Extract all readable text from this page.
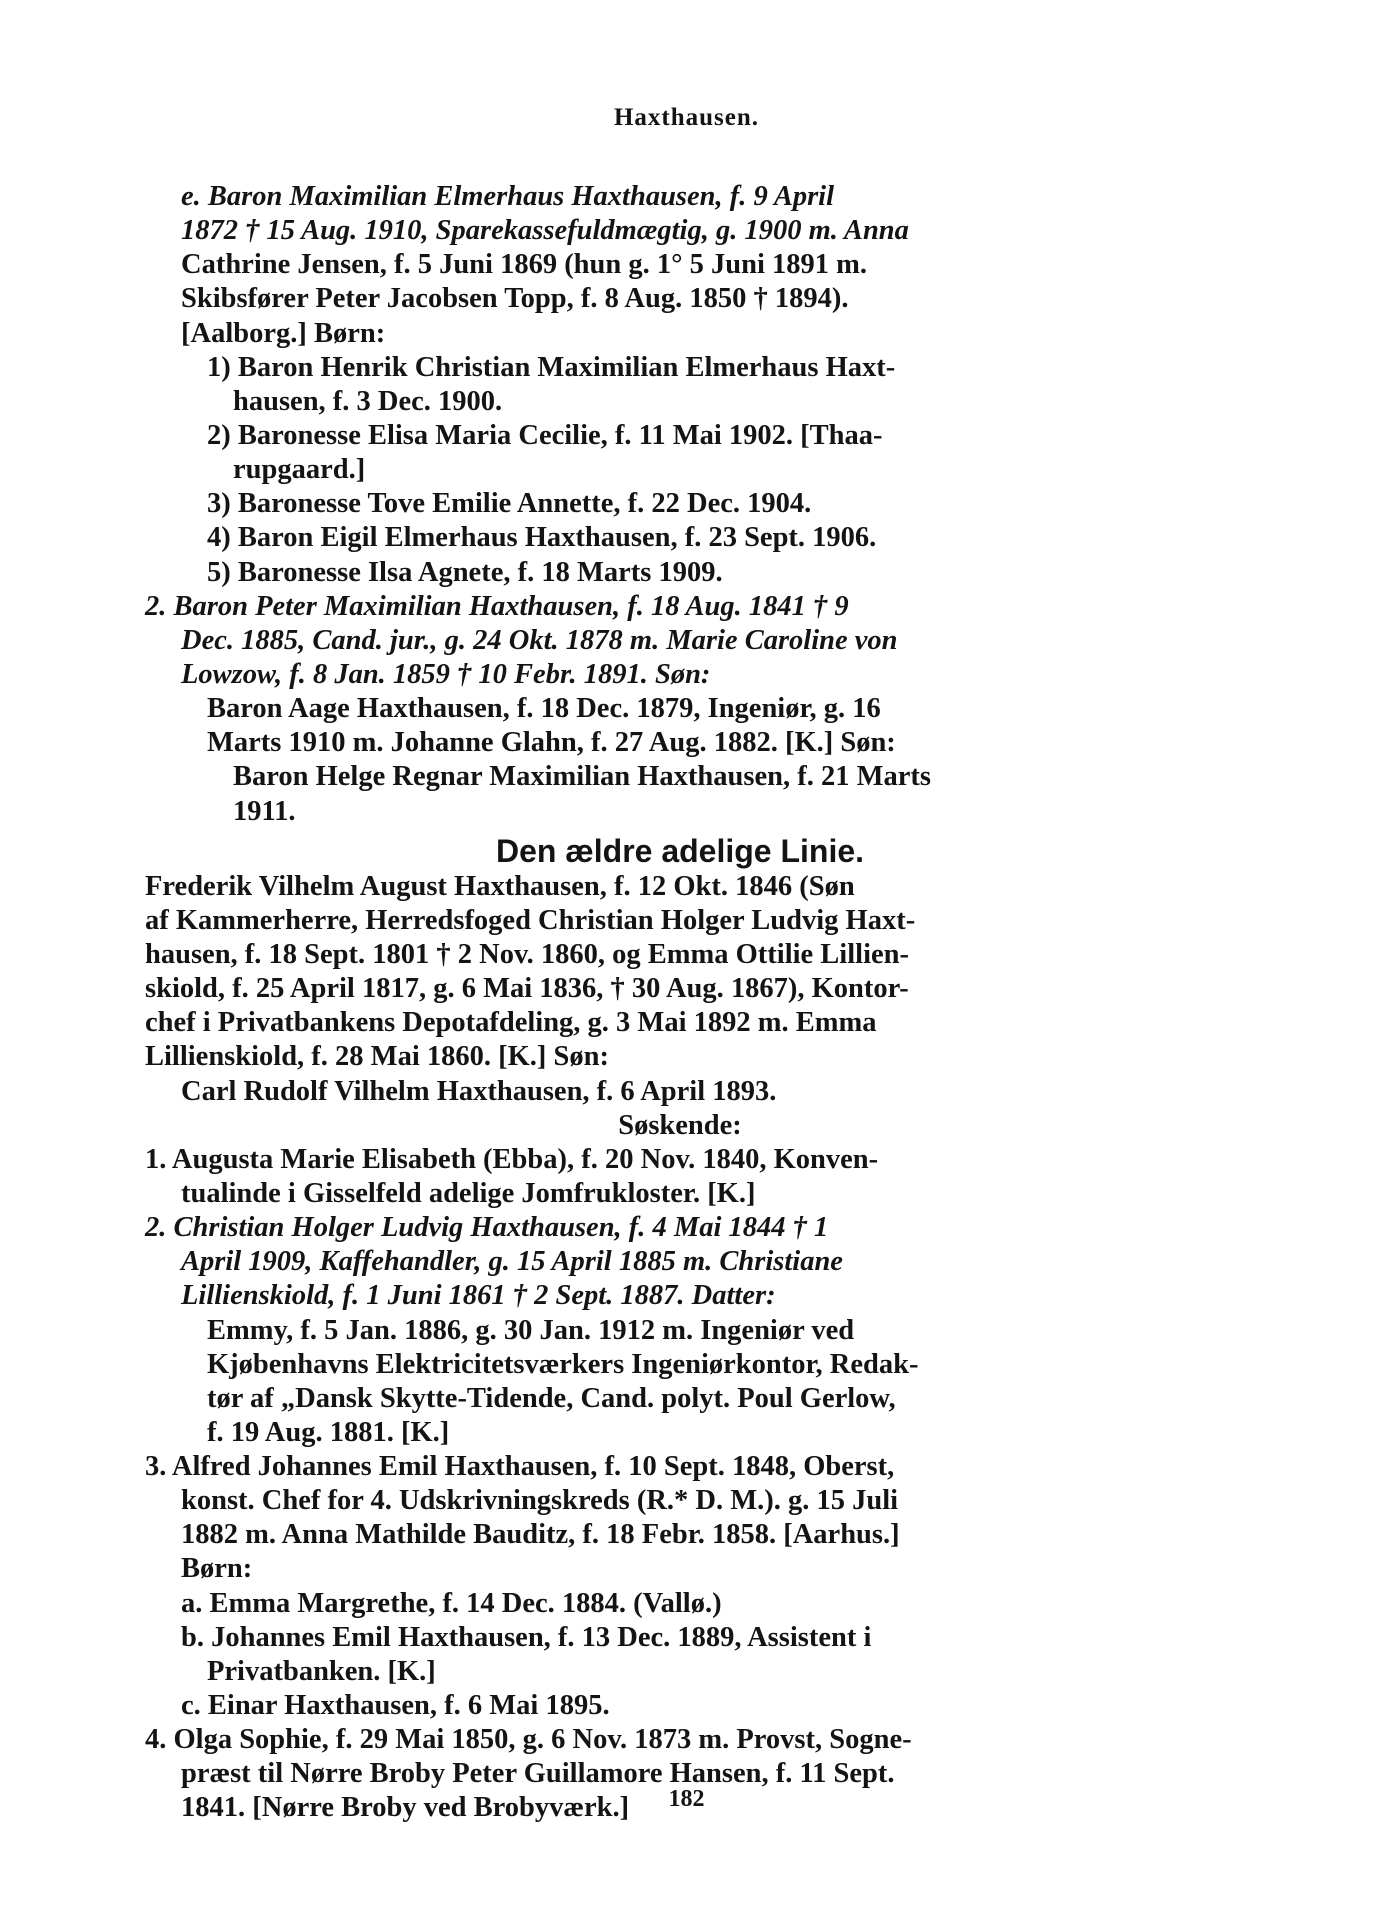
Haxthausen.
e. Baron Maximilian Elmerhaus Haxthausen, f. 9 April
1872 † 15 Aug. 1910, Sparekassefuldmægtig, g. 1900 m. Anna
Cathrine Jensen, f. 5 Juni 1869 (hun g. 1° 5 Juni 1891 m.
Skibsfører Peter Jacobsen Topp, f. 8 Aug. 1850 † 1894).
[Aalborg.] Børn:
1) Baron Henrik Christian Maximilian Elmerhaus Haxt-
hausen, f. 3 Dec. 1900.
2) Baronesse Elisa Maria Cecilie, f. 11 Mai 1902. [Thaa-
rupgaard.]
3) Baronesse Tove Emilie Annette, f. 22 Dec. 1904.
4) Baron Eigil Elmerhaus Haxthausen, f. 23 Sept. 1906.
5) Baronesse Ilsa Agnete, f. 18 Marts 1909.
2. Baron Peter Maximilian Haxthausen, f. 18 Aug. 1841 † 9
Dec. 1885, Cand. jur., g. 24 Okt. 1878 m. Marie Caroline von
Lowzow, f. 8 Jan. 1859 † 10 Febr. 1891. Søn:
Baron Aage Haxthausen, f. 18 Dec. 1879, Ingeniør, g. 16
Marts 1910 m. Johanne Glahn, f. 27 Aug. 1882. [K.] Søn:
Baron Helge Regnar Maximilian Haxthausen, f. 21 Marts
1911.
Den ældre adelige Linie.
Frederik Vilhelm August Haxthausen, f. 12 Okt. 1846 (Søn
af Kammerherre, Herredsfoged Christian Holger Ludvig Haxt-
hausen, f. 18 Sept. 1801 † 2 Nov. 1860, og Emma Ottilie Lillien-
skiold, f. 25 April 1817, g. 6 Mai 1836, † 30 Aug. 1867), Kontor-
chef i Privatbankens Depotafdeling, g. 3 Mai 1892 m. Emma
Lillienskiold, f. 28 Mai 1860. [K.] Søn:
Carl Rudolf Vilhelm Haxthausen, f. 6 April 1893.
Søskende:
1. Augusta Marie Elisabeth (Ebba), f. 20 Nov. 1840, Konven-
tualinde i Gisselfeld adelige Jomfrukloster. [K.]
2. Christian Holger Ludvig Haxthausen, f. 4 Mai 1844 † 1
April 1909, Kaffehandler, g. 15 April 1885 m. Christiane
Lillienskiold, f. 1 Juni 1861 † 2 Sept. 1887. Datter:
Emmy, f. 5 Jan. 1886, g. 30 Jan. 1912 m. Ingeniør ved
Kjøbenhavns Elektricitetsværkers Ingeniørkontor, Redak-
tør af „Dansk Skytte-Tidende, Cand. polyt. Poul Gerlow,
f. 19 Aug. 1881. [K.]
3. Alfred Johannes Emil Haxthausen, f. 10 Sept. 1848, Oberst,
konst. Chef for 4. Udskrivningskreds (R.* D. M.). g. 15 Juli
1882 m. Anna Mathilde Bauditz, f. 18 Febr. 1858. [Aarhus.]
Børn:
a. Emma Margrethe, f. 14 Dec. 1884. (Vallø.)
b. Johannes Emil Haxthausen, f. 13 Dec. 1889, Assistent i
Privatbanken. [K.]
c. Einar Haxthausen, f. 6 Mai 1895.
4. Olga Sophie, f. 29 Mai 1850, g. 6 Nov. 1873 m. Provst, Sogne-
præst til Nørre Broby Peter Guillamore Hansen, f. 11 Sept.
1841. [Nørre Broby ved Brobyværk.]	182
